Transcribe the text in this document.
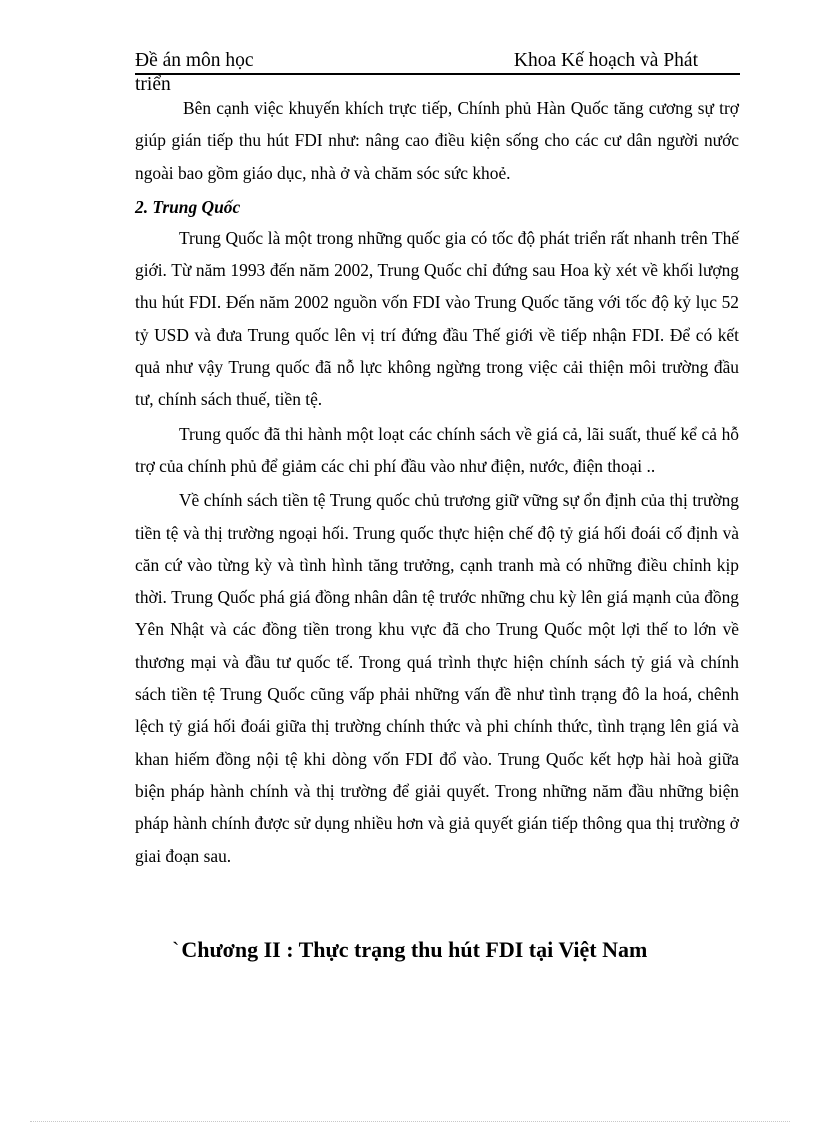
Đề án môn học	Khoa Kế hoạch và Phát
triển

Bên cạnh việc khuyến khích trực tiếp, Chính phủ Hàn Quốc tăng cương sự trợ giúp gián tiếp thu hút FDI như: nâng cao điều kiện sống cho các cư dân người nước ngoài bao gồm giáo dục, nhà ở và chăm sóc sức khoẻ.

2. Trung Quốc

Trung Quốc là một trong những quốc gia có tốc độ phát triển rất nhanh trên Thế giới. Từ năm 1993 đến năm 2002, Trung Quốc chỉ đứng sau Hoa kỳ xét về khối lượng thu hút FDI. Đến năm 2002 nguồn vốn FDI vào Trung Quốc tăng với tốc độ kỷ lục 52 tỷ USD và đưa Trung quốc lên vị trí đứng đầu Thế giới về tiếp nhận FDI. Để có kết quả như vậy Trung quốc đã nỗ lực không ngừng trong việc cải thiện môi trường đầu tư, chính sách thuế, tiền tệ.

Trung quốc đã thi hành một loạt các chính sách về giá cả, lãi suất, thuế kể cả hỗ trợ của chính phủ để giảm các chi phí đầu vào như điện, nước, điện thoại ..

Về chính sách tiền tệ Trung quốc chủ trương giữ vững sự ổn định của thị trường tiền tệ và thị trường ngoại hối. Trung quốc thực hiện chế độ tỷ giá hối đoái cố định và căn cứ vào từng kỳ và tình hình tăng trưởng, cạnh tranh mà có những điều chỉnh kịp thời. Trung Quốc phá giá đồng nhân dân tệ trước những chu kỳ lên giá mạnh của đồng Yên Nhật và các đồng tiền trong khu vực đã cho Trung Quốc một lợi thế to lớn về thương mại và đầu tư quốc tế. Trong quá trình thực hiện chính sách tỷ giá và chính sách tiền tệ Trung Quốc cũng vấp phải những vấn đề như tình trạng đô la hoá, chênh lệch tỷ giá hối đoái giữa thị trường chính thức và phi chính thức, tình trạng lên giá và khan hiếm đồng nội tệ khi dòng vốn FDI đổ vào. Trung Quốc kết hợp hài hoà giữa biện pháp hành chính và thị trường để giải quyết. Trong những năm đầu những biện pháp hành chính được sử dụng nhiều hơn và giả quyết gián tiếp thông qua thị trường ở giai đoạn sau.

`Chương II : Thực trạng thu hút FDI tại Việt Nam
